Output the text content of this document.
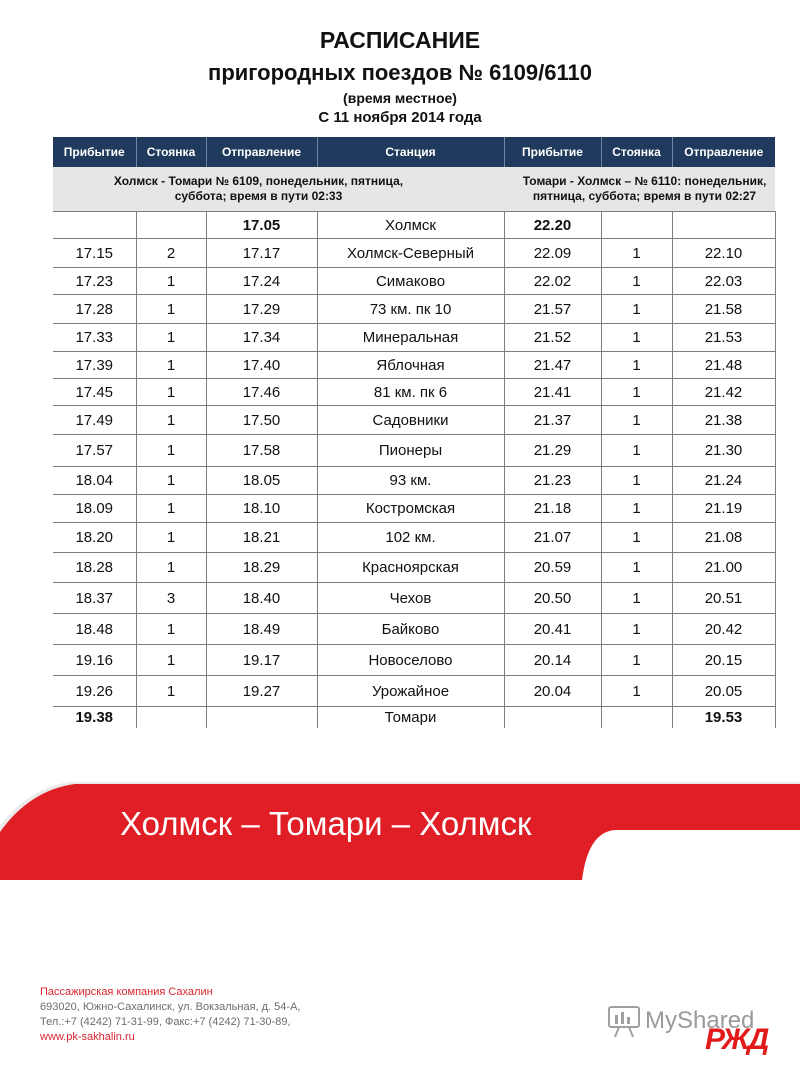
РАСПИСАНИЕ
пригородных поездов № 6109/6110
(время местное)
С 11 ноября 2014 года
Прибытие	Стоянка	Отправление	Станция	Прибытие	Стоянка	Отправление
Холмск - Томари № 6109, понедельник, пятница,
суббота; время в пути 02:33				Томари - Холмск – № 6110: понедельник,
пятница, суббота; время в пути 02:27		
		17.05	Холмск	22.20		
17.15	2	17.17	Холмск-Северный	22.09	1	22.10
17.23	1	17.24	Симаково	22.02	1	22.03
17.28	1	17.29	73 км. пк 10	21.57	1	21.58
17.33	1	17.34	Минеральная	21.52	1	21.53
17.39	1	17.40	Яблочная	21.47	1	21.48
17.45	1	17.46	81 км. пк 6	21.41	1	21.42
17.49	1	17.50	Садовники	21.37	1	21.38
17.57	1	17.58	Пионеры	21.29	1	21.30
18.04	1	18.05	93 км.	21.23	1	21.24
18.09	1	18.10	Костромская	21.18	1	21.19
18.20	1	18.21	102 км.	21.07	1	21.08
18.28	1	18.29	Красноярская	20.59	1	21.00
18.37	3	18.40	Чехов	20.50	1	20.51
18.48	1	18.49	Байково	20.41	1	20.42
19.16	1	19.17	Новоселово	20.14	1	20.15
19.26	1	19.27	Урожайное	20.04	1	20.05
19.38			Томари			19.53
Холмск – Томари – Холмск
Пассажирская компания Сахалин
693020, Южно-Сахалинск, ул. Вокзальная, д. 54-А,
Тел.:+7 (4242) 71-31-99, Факс:+7 (4242) 71-30-89,
www.pk-sakhalin.ru
MyShared
РЖД
